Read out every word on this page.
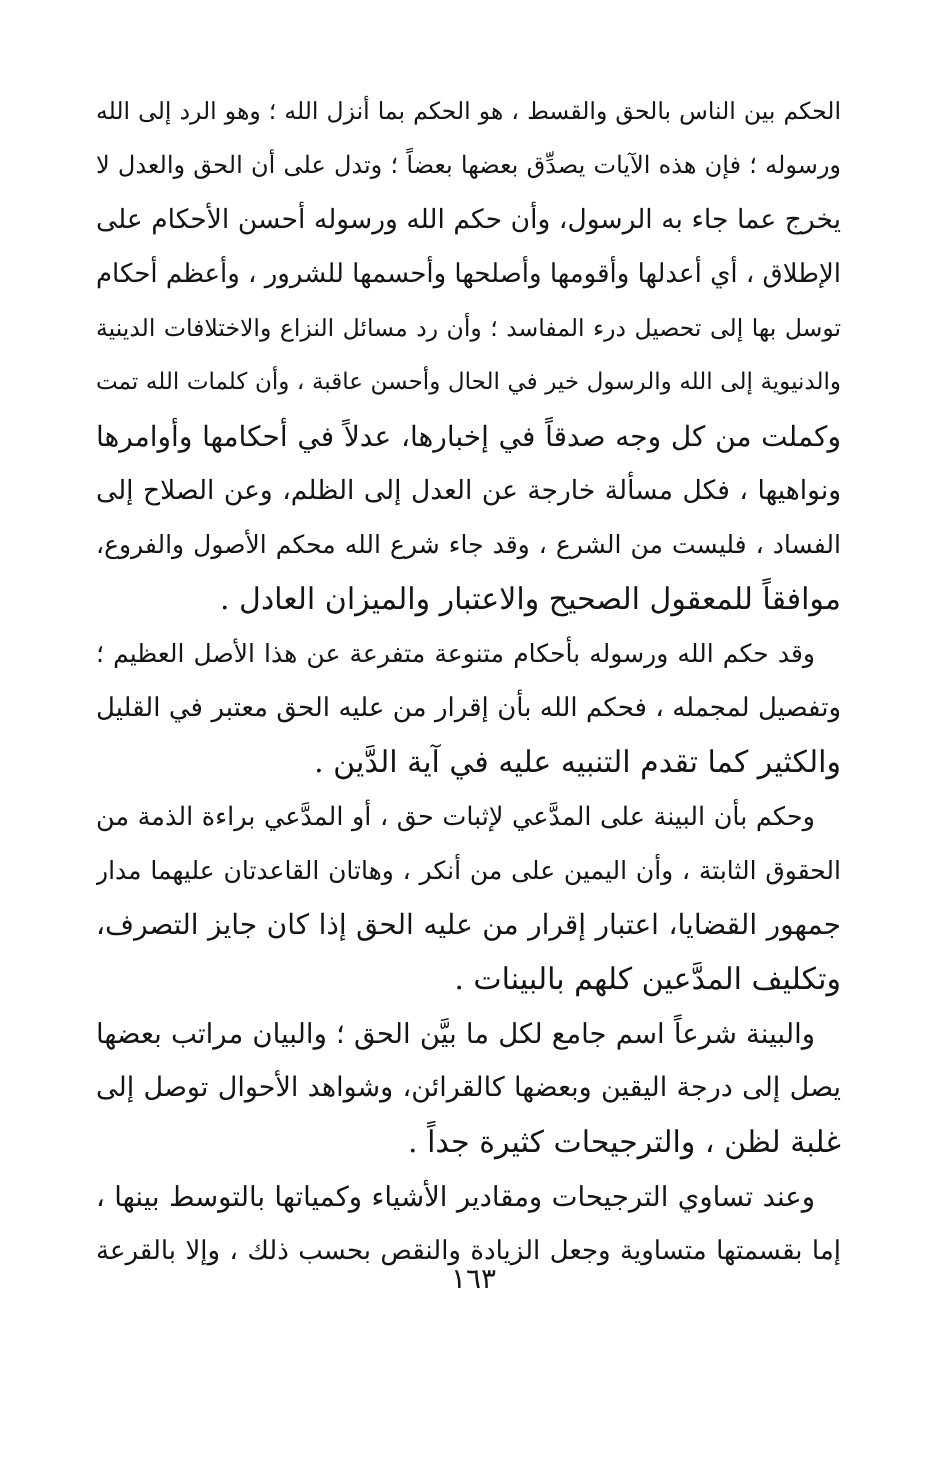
الحكم بين الناس بالحق والقسط ، هو الحكم بما أنزل الله ؛ وهو الرد إلى الله
ورسوله ؛ فإن هذه الآيات يصدِّق بعضها بعضاً ؛ وتدل على أن الحق والعدل لا
يخرج عما جاء به الرسول، وأن حكم الله ورسوله أحسن الأحكام على
الإطلاق ، أي أعدلها وأقومها وأصلحها وأحسمها للشرور ، وأعظم أحكام
توسل بها إلى تحصيل درء المفاسد ؛ وأن رد مسائل النزاع والاختلافات الدينية
والدنيوية إلى الله والرسول خير في الحال وأحسن عاقبة ، وأن كلمات الله تمت
وكملت من كل وجه صدقاً في إخبارها، عدلاً في أحكامها وأوامرها
ونواهيها ، فكل مسألة خارجة عن العدل إلى الظلم، وعن الصلاح إلى
الفساد ، فليست من الشرع ، وقد جاء شرع الله محكم الأصول والفروع،
موافقاً للمعقول الصحيح والاعتبار والميزان العادل .
وقد حكم الله ورسوله بأحكام متنوعة متفرعة عن هذا الأصل العظيم ؛
وتفصيل لمجمله ، فحكم الله بأن إقرار من عليه الحق معتبر في القليل
والكثير كما تقدم التنبيه عليه في آية الدَّين .
وحكم بأن البينة على المدَّعي لإثبات حق ، أو المدَّعي براءة الذمة من
الحقوق الثابتة ، وأن اليمين على من أنكر ، وهاتان القاعدتان عليهما مدار
جمهور القضايا، اعتبار إقرار من عليه الحق إذا كان جايز التصرف،
وتكليف المدَّعين كلهم بالبينات .
والبينة شرعاً اسم جامع لكل ما بيَّن الحق ؛ والبيان مراتب بعضها
يصل إلى درجة اليقين وبعضها كالقرائن، وشواهد الأحوال توصل إلى
غلبة لظن ، والترجيحات كثيرة جداً .
وعند تساوي الترجيحات ومقادير الأشياء وكمياتها بالتوسط بينها ،
إما بقسمتها متساوية وجعل الزيادة والنقص بحسب ذلك ، وإلا بالقرعة
١٦٣
